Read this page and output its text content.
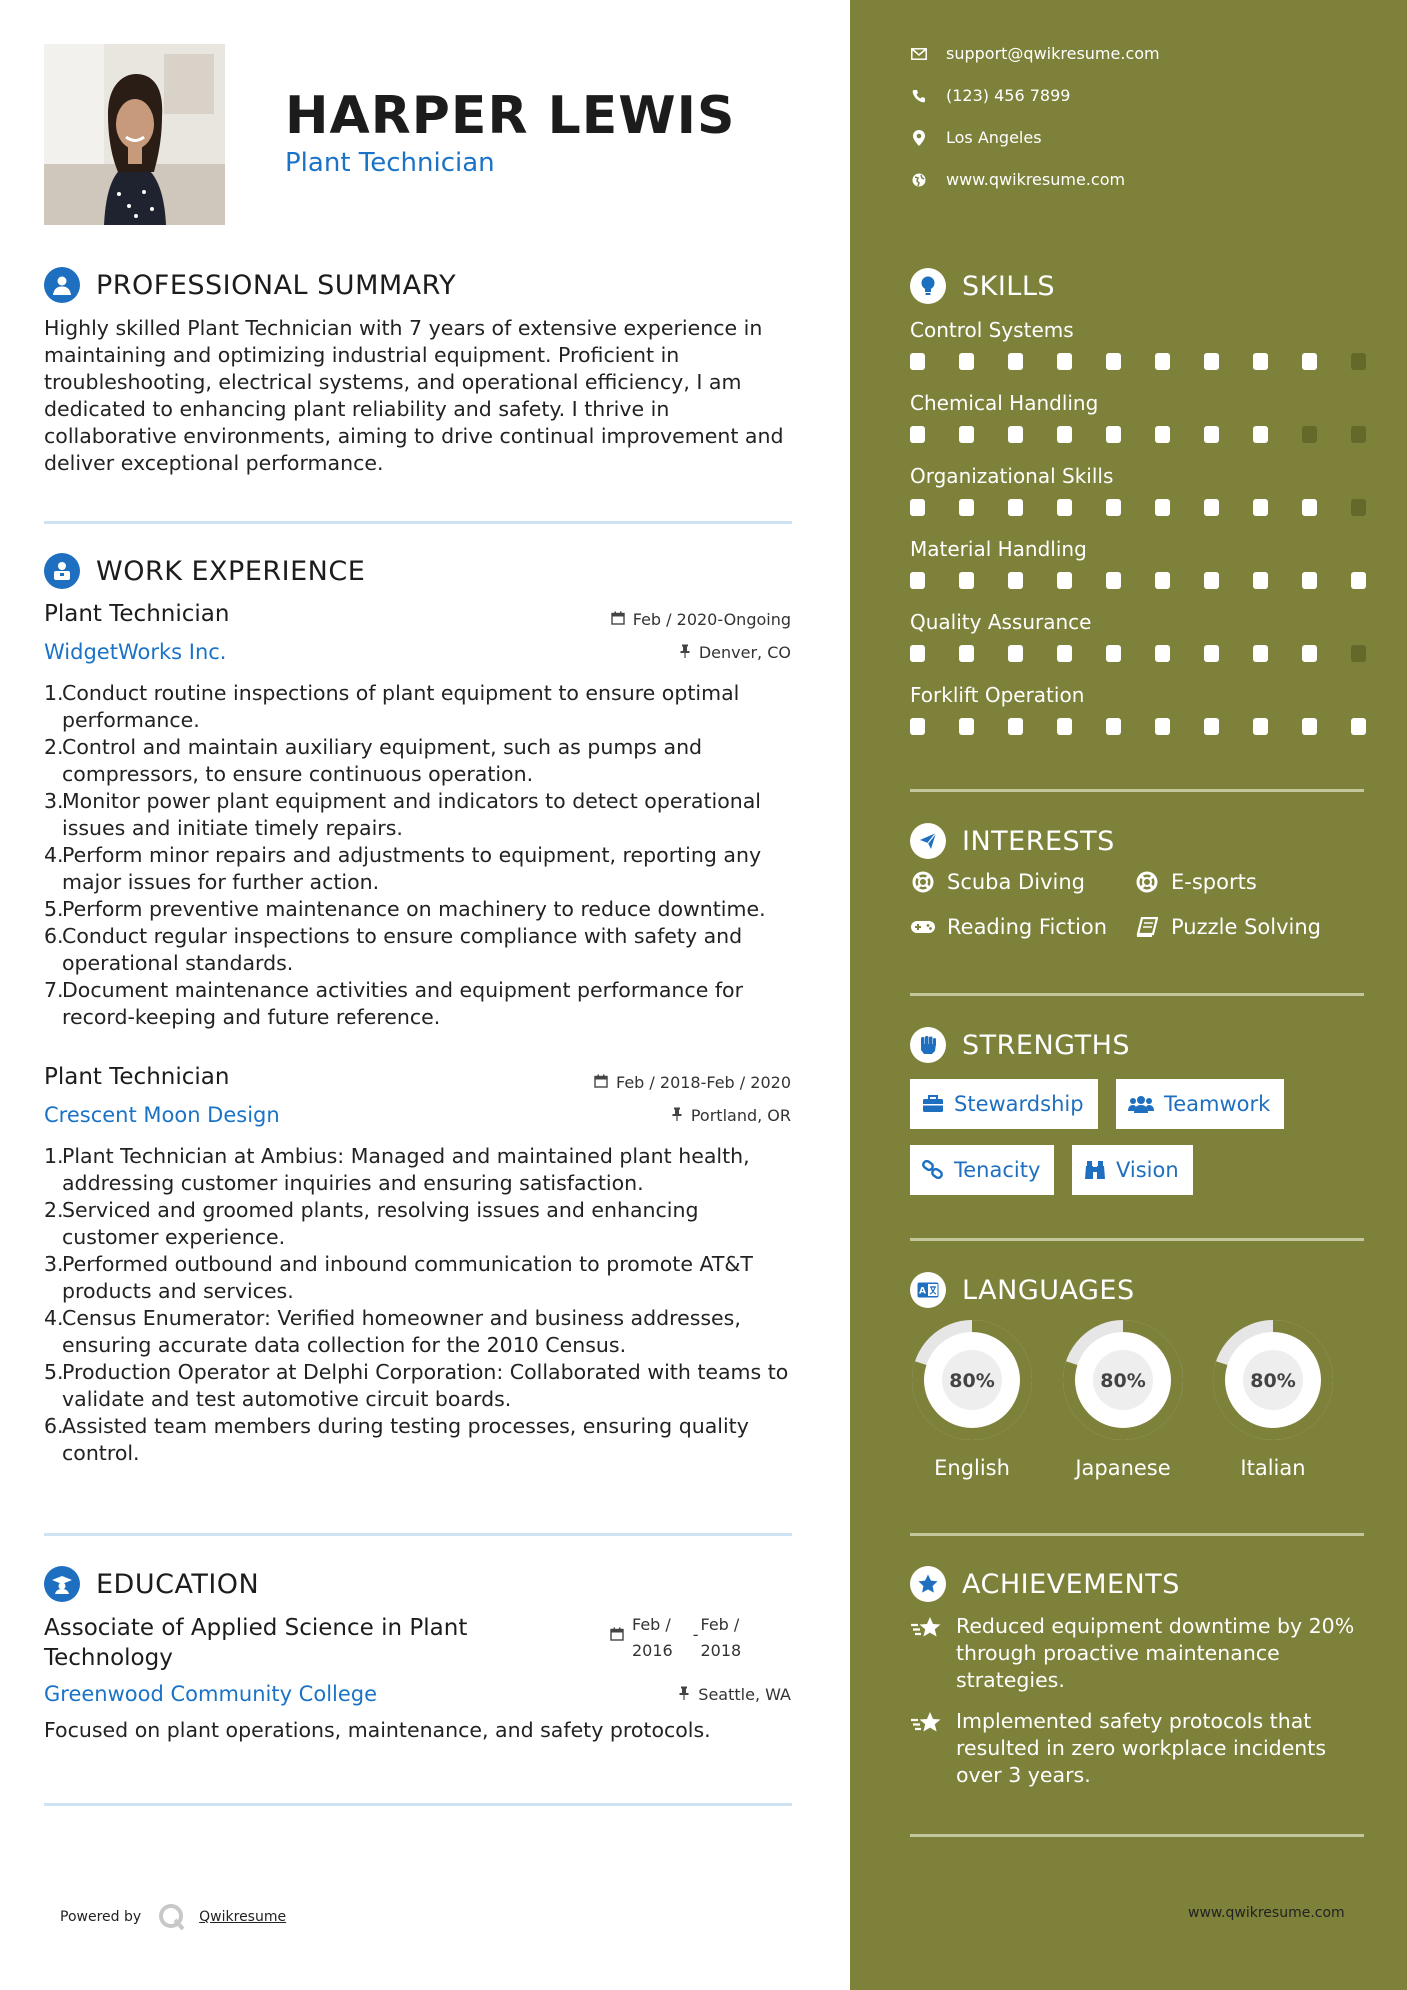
HARPER LEWIS
Plant Technician
PROFESSIONAL SUMMARY
Highly skilled Plant Technician with 7 years of extensive experience in maintaining and optimizing industrial equipment. Proficient in troubleshooting, electrical systems, and operational efficiency, I am dedicated to enhancing plant reliability and safety. I thrive in collaborative environments, aiming to drive continual improvement and deliver exceptional performance.
WORK EXPERIENCE
Plant Technician	Feb / 2020-Ongoing
WidgetWorks Inc.	Denver, CO
1.
Conduct routine inspections of plant equipment to ensure optimal performance.
2.
Control and maintain auxiliary equipment, such as pumps and compressors, to ensure continuous operation.
3.
Monitor power plant equipment and indicators to detect operational issues and initiate timely repairs.
4.
Perform minor repairs and adjustments to equipment, reporting any major issues for further action.
5.
Perform preventive maintenance on machinery to reduce downtime.
6.
Conduct regular inspections to ensure compliance with safety and operational standards.
7.
Document maintenance activities and equipment performance for record-keeping and future reference.
Plant Technician	Feb / 2018-Feb / 2020
Crescent Moon Design	Portland, OR
1.
Plant Technician at Ambius: Managed and maintained plant health, addressing customer inquiries and ensuring satisfaction.
2.
Serviced and groomed plants, resolving issues and enhancing customer experience.
3.
Performed outbound and inbound communication to promote AT&T products and services.
4.
Census Enumerator: Verified homeowner and business addresses, ensuring accurate data collection for the 2010 Census.
5.
Production Operator at Delphi Corporation: Collaborated with teams to validate and test automotive circuit boards.
6.
Assisted team members during testing processes, ensuring quality control.
EDUCATION
Associate of Applied Science in Plant Technology
Feb /
2016
-
Feb /
2018
Greenwood Community College	Seattle, WA
Focused on plant operations, maintenance, and safety protocols.
Powered by	Qwikresume
support@qwikresume.com
(123) 456 7899
Los Angeles
www.qwikresume.com
SKILLS
Control Systems
Chemical Handling
Organizational Skills
Material Handling
Quality Assurance
Forklift Operation
INTERESTS
Scuba Diving	E-sports
Reading Fiction	Puzzle Solving
STRENGTHS
Stewardship	Teamwork
Tenacity	Vision
A LANGUAGES
80%
English
80%
Japanese
80%
Italian
ACHIEVEMENTS
Reduced equipment downtime by 20% through proactive maintenance strategies.
Implemented safety protocols that resulted in zero workplace incidents over 3 years.
www.qwikresume.com
